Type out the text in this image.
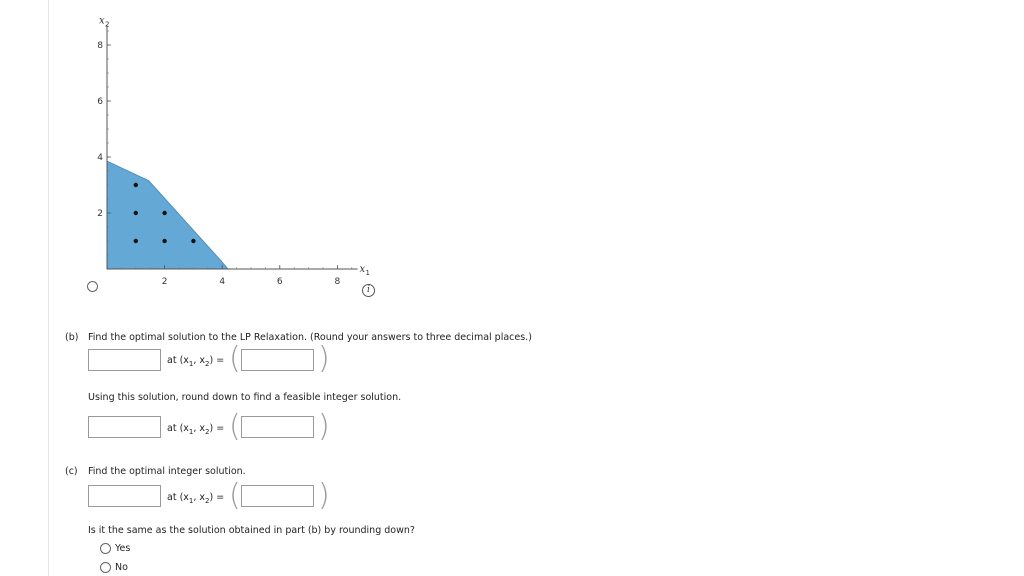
2	4	6	8
2
4
6
8
x 1
x 2
i
(b) Find the optimal solution to the LP Relaxation. (Round your answers to three decimal places.)
at ($x_1$, $x_2$) = (	)
Using this solution, round down to find a feasible integer solution.
at ($x_1$, $x_2$) = (	)
(c) Find the optimal integer solution.
at ($x_1$, $x_2$) = (	)
Is it the same as the solution obtained in part (b) by rounding down?
Yes
No
